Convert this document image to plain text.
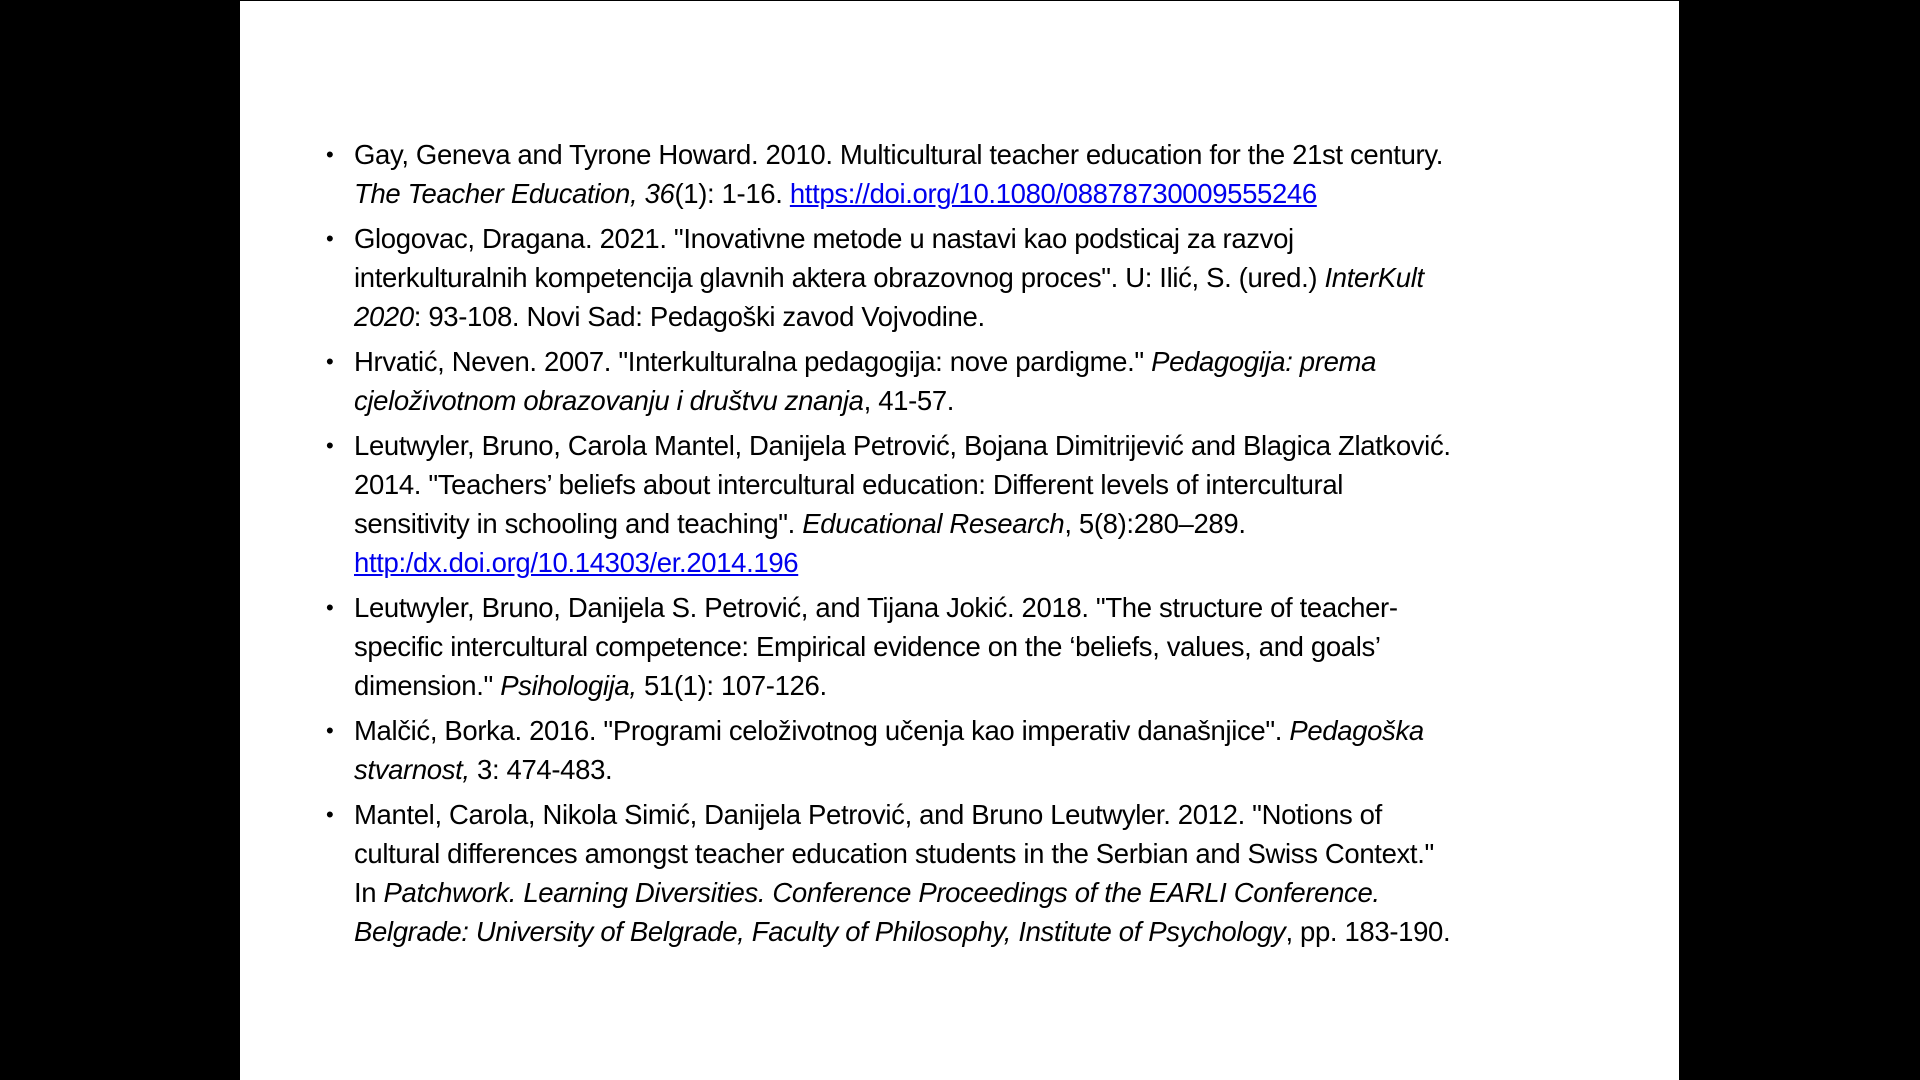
• Gay, Geneva and Tyrone Howard. 2010. Multicultural teacher education for the 21st century.
The Teacher Education, 36(1): 1-16. https://doi.org/10.1080/08878730009555246
• Glogovac, Dragana. 2021. "Inovativne metode u nastavi kao podsticaj za razvoj
interkulturalnih kompetencija glavnih aktera obrazovnog proces". U: Ilić, S. (ured.) InterKult
2020: 93-108. Novi Sad: Pedagoški zavod Vojvodine.
• Hrvatić, Neven. 2007. "Interkulturalna pedagogija: nove pardigme." Pedagogija: prema
cjeloživotnom obrazovanju i društvu znanja, 41-57.
• Leutwyler, Bruno, Carola Mantel, Danijela Petrović, Bojana Dimitrijević and Blagica Zlatković.
2014. "Teachers’ beliefs about intercultural education: Different levels of intercultural
sensitivity in schooling and teaching". Educational Research, 5(8):280–289.
http:/dx.doi.org/10.14303/er.2014.196
• Leutwyler, Bruno, Danijela S. Petrović, and Tijana Jokić. 2018. "The structure of teacher-
specific intercultural competence: Empirical evidence on the ‘beliefs, values, and goals’
dimension." Psihologija, 51(1): 107-126.
• Malčić, Borka. 2016. "Programi celoživotnog učenja kao imperativ današnjice". Pedagoška
stvarnost, 3: 474-483.
• Mantel, Carola, Nikola Simić, Danijela Petrović, and Bruno Leutwyler. 2012. "Notions of
cultural differences amongst teacher education students in the Serbian and Swiss Context."
In Patchwork. Learning Diversities. Conference Proceedings of the EARLI Conference.
Belgrade: University of Belgrade, Faculty of Philosophy, Institute of Psychology, pp. 183-190.
